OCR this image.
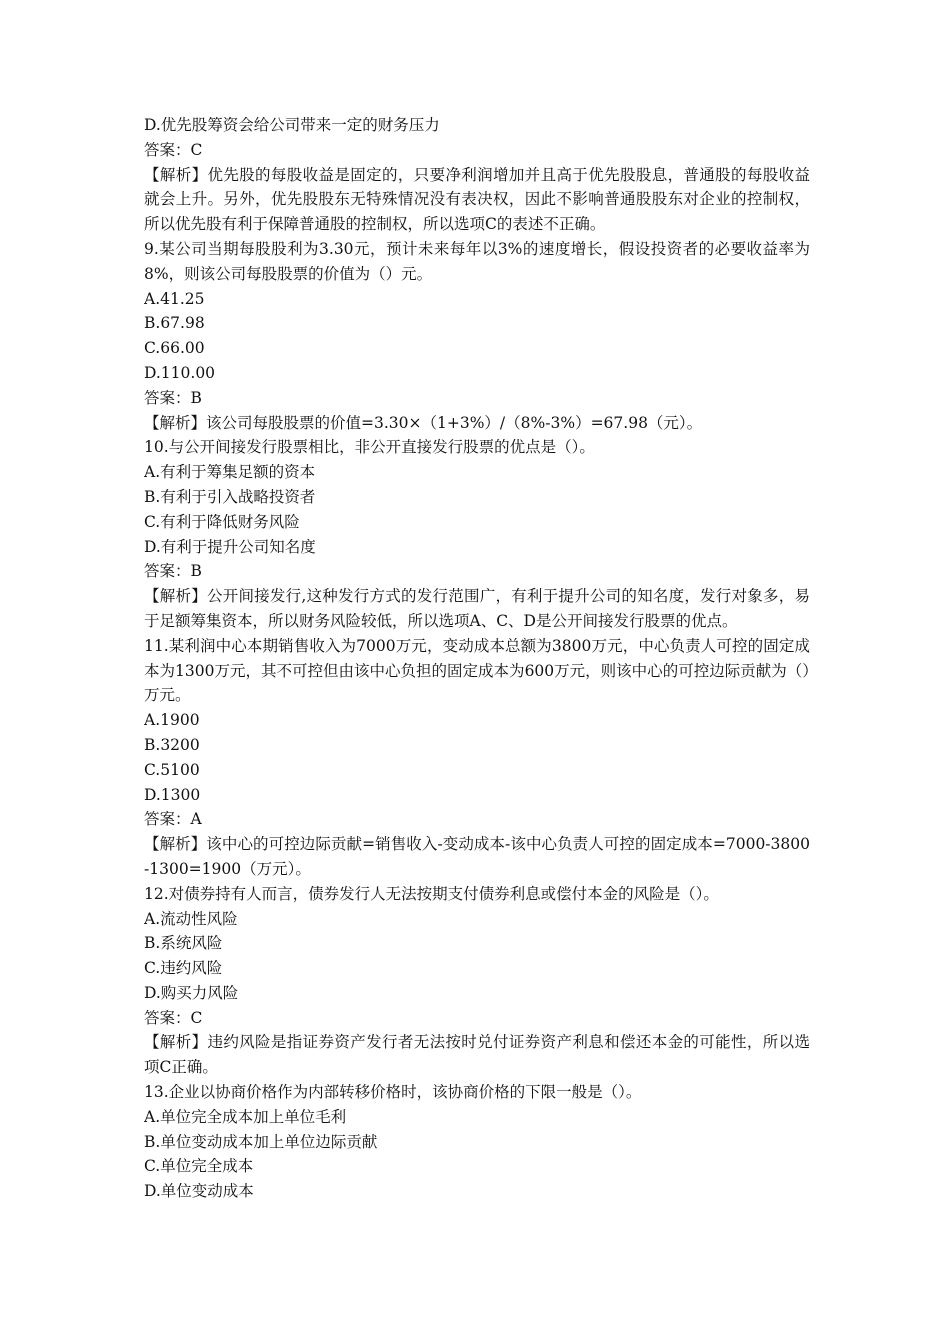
D.优先股筹资会给公司带来一定的财务压力
答案：C
【解析】优先股的每股收益是固定的，只要净利润增加并且高于优先股股息，普通股的每股收益就会上升。另外，优先股股东无特殊情况没有表决权，因此不影响普通股股东对企业的控制权，所以优先股有利于保障普通股的控制权，所以选项C的表述不正确。
9.某公司当期每股股利为3.30元，预计未来每年以3%的速度增长，假设投资者的必要收益率为8%，则该公司每股股票的价值为（）元。
A.41.25
B.67.98
C.66.00
D.110.00
答案：B
【解析】该公司每股股票的价值=3.30×（1+3%）/（8%-3%）=67.98（元）。
10.与公开间接发行股票相比，非公开直接发行股票的优点是（）。
A.有利于筹集足额的资本
B.有利于引入战略投资者
C.有利于降低财务风险
D.有利于提升公司知名度
答案：B
【解析】公开间接发行,这种发行方式的发行范围广，有利于提升公司的知名度，发行对象多，易于足额筹集资本，所以财务风险较低，所以选项A、C、D是公开间接发行股票的优点。
11.某利润中心本期销售收入为7000万元，变动成本总额为3800万元，中心负责人可控的固定成本为1300万元，其不可控但由该中心负担的固定成本为600万元，则该中心的可控边际贡献为（）万元。
A.1900
B.3200
C.5100
D.1300
答案：A
【解析】该中心的可控边际贡献=销售收入-变动成本-该中心负责人可控的固定成本=7000-3800-1300=1900（万元）。
12.对债券持有人而言，债券发行人无法按期支付债券利息或偿付本金的风险是（）。
A.流动性风险
B.系统风险
C.违约风险
D.购买力风险
答案：C
【解析】违约风险是指证券资产发行者无法按时兑付证券资产利息和偿还本金的可能性，所以选项C正确。
13.企业以协商价格作为内部转移价格时，该协商价格的下限一般是（）。
A.单位完全成本加上单位毛利
B.单位变动成本加上单位边际贡献
C.单位完全成本
D.单位变动成本
